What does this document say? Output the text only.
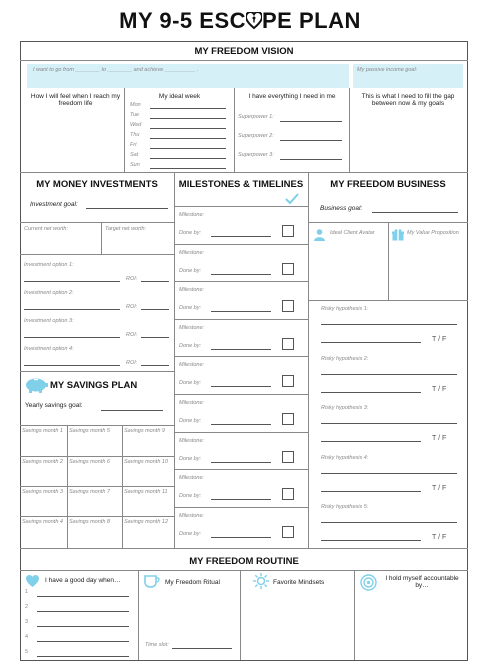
MY 9-5 ESC PE PLAN
MY FREEDOM VISION
I want to go from ________ to ________ and achieve __________ .	My passive income goal:
How I will feel when I reach my freedom life
My ideal week
Mon
Tue
Wed
Thu
Fri
Sat
Sun
I have everything I need in me
Superpower 1:
Superpower 2:
Superpower 3:
This is what I need to fill the gap between now & my goals
MY MONEY INVESTMENTS
Investment goal:
Current net worth:	Target net worth:
Investment option 1:
ROI:
Investment option 2:
ROI:
Investment option 3:
ROI:
Investment option 4:
ROI:
MY SAVINGS PLAN
Yearly savings goal:
Savings month 1 Savings month 5	Savings month 9
Savings month 2 Savings month 6	Savings month 10
Savings month 3 Savings month 7	Savings month 11
Savings month 4 Savings month 8	Savings month 12
MILESTONES & TIMELINES
Milestone:
Done by:
Milestone:
Done by:
Milestone:
Done by:
Milestone:
Done by:
Milestone:
Done by:
Milestone:
Done by:
Milestone:
Done by:
Milestone:
Done by:
Milestone:
Done by:
MY FREEDOM BUSINESS
Business goal:
Ideal Client Avatar	My Value Proposition
Risky hypothesis 1:
T / F
Risky hypothesis 2:
T / F
Risky hypothesis 3:
T / F
Risky hypothesis 4:
T / F
Risky hypothesis 5:
T / F
MY FREEDOM ROUTINE
I have a good day when…
1
2
3
4
5
My Freedom Ritual
Time slot:
Favorite Mindsets
I hold myself accountable by…
